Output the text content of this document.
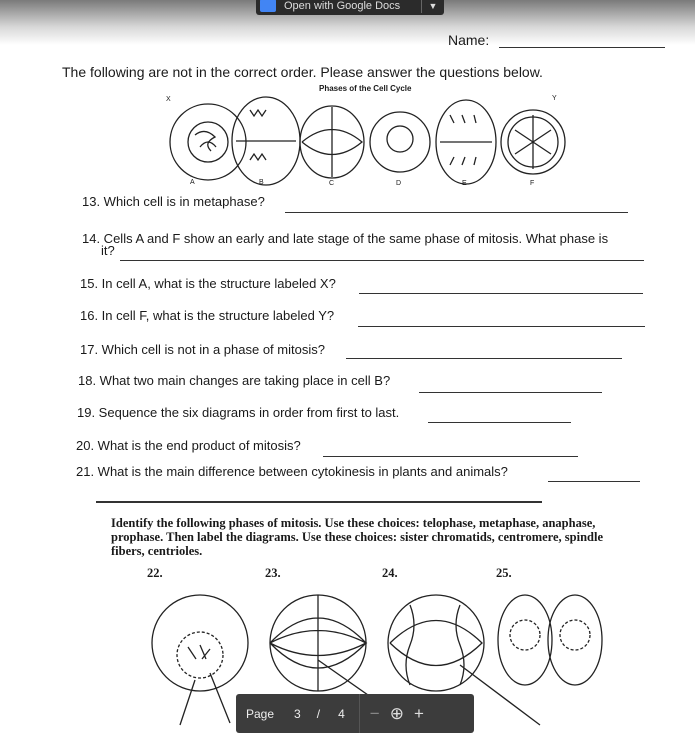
Open with Google Docs	▼
Name:
The following are not in the correct order. Please answer the questions below.
Phases of the Cell Cycle
X	Y
A	B	C	D	E	F
13. Which cell is in metaphase?
14. Cells A and F show an early and late stage of the same phase of mitosis. What phase is
it?
15. In cell A, what is the structure labeled X?
16. In cell F, what is the structure labeled Y?
17. Which cell is not in a phase of mitosis?
18. What two main changes are taking place in cell B?
19. Sequence the six diagrams in order from first to last.
20. What is the end product of mitosis?
21. What is the main difference between cytokinesis in plants and animals?
Identify the following phases of mitosis. Use these choices: telophase, metaphase, anaphase, prophase. Then label the diagrams. Use these choices: sister chromatids, centromere, spindle fibers, centrioles.
22.	23.	24.	25.
Page 3 / 4 − ⊕ +
